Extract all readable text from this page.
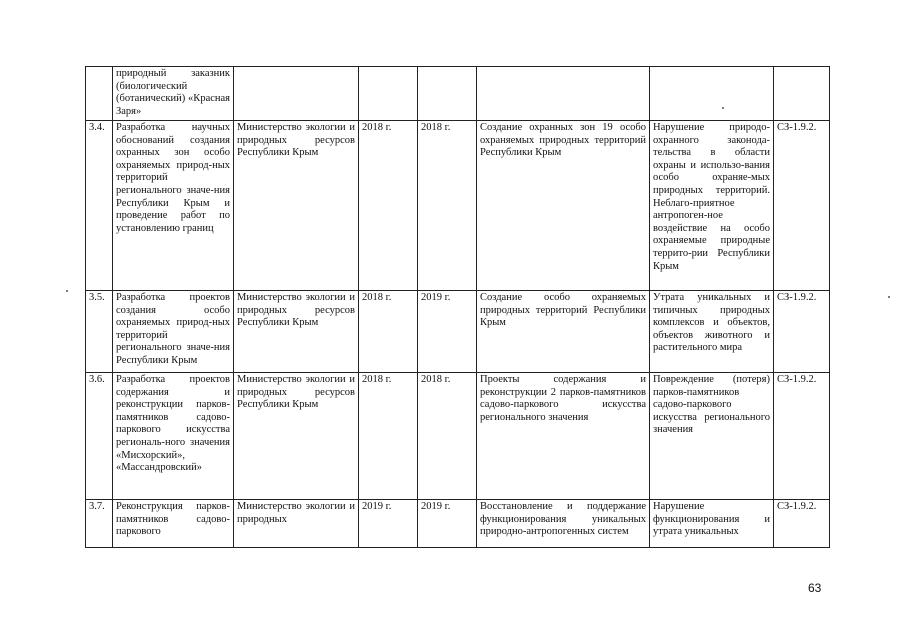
	природный заказник (биологический (ботанический) «Красная Заря»						
3.4.	Разработка научных обоснований создания охранных зон особо охраняемых природ-ных территорий регионального значе-ния Республики Крым и проведение работ по установлению границ	Министерство экологии и природных ресурсов Республики Крым	2018 г.	2018 г.	Создание охранных зон 19 особо охраняемых природных территорий Республики Крым	Нарушение природо-охранного законода-тельства в области охраны и использо-вания особо охраняе-мых природных территорий. Неблаго-приятное антропоген-ное воздействие на особо охраняемые природные террито-рии Республики Крым	СЗ-1.9.2.
3.5.	Разработка проектов создания особо охраняемых природ-ных территорий регионального значе-ния Республики Крым	Министерство экологии и природных ресурсов Республики Крым	2018 г.	2019 г.	Создание особо охраняемых природных территорий Республики Крым	Утрата уникальных и типичных природных комплексов и объектов, объектов животного и растительного мира	СЗ-1.9.2.
3.6.	Разработка проектов содержания и реконструкции парков-памятников садово-паркового искусства региональ-ного значения «Мисхорский», «Массандровский»	Министерство экологии и природных ресурсов Республики Крым	2018 г.	2018 г.	Проекты содержания и реконструкции 2 парков-памятников садово-паркового искусства регионального значения	Повреждение (потеря) парков-памятников садово-паркового искусства регионального значения	СЗ-1.9.2.
3.7.	Реконструкция парков-памятников садово-паркового	Министерство экологии и природных	2019 г.	2019 г.	Восстановление и поддержание функционирования уникальных природно-антропогенных систем	Нарушение функционирования и утрата уникальных	СЗ-1.9.2.
63
